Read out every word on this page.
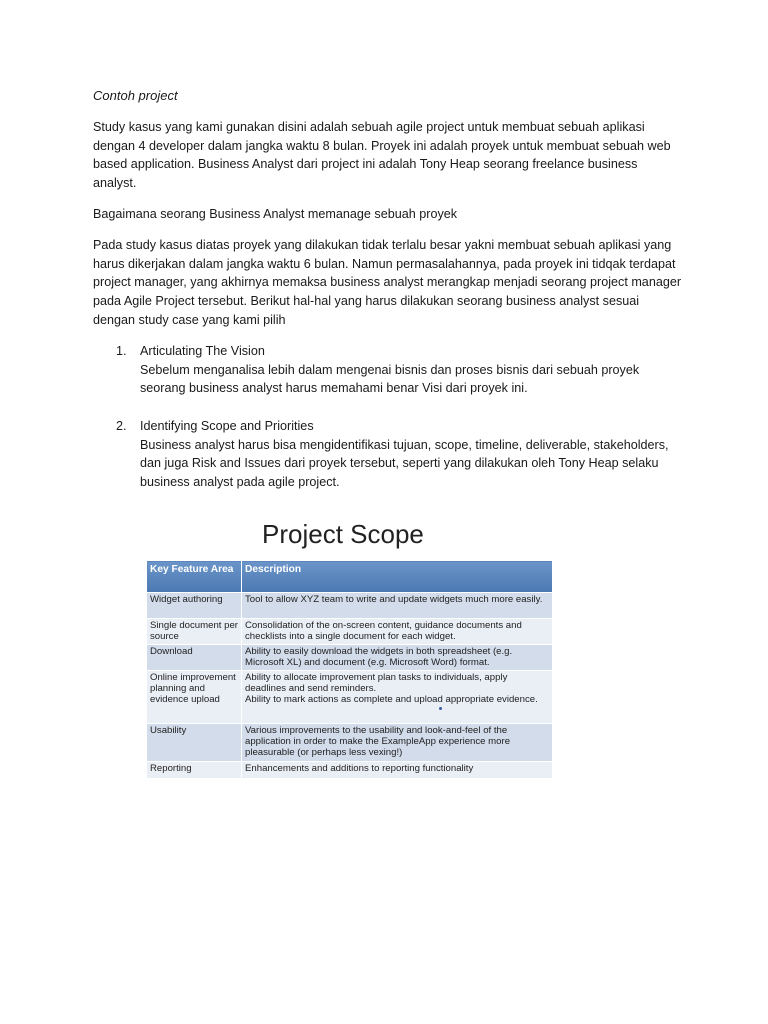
Contoh project
Study kasus yang kami gunakan disini adalah sebuah agile project untuk membuat sebuah aplikasi dengan 4 developer dalam jangka waktu 8 bulan. Proyek ini adalah proyek untuk membuat sebuah web based application. Business Analyst dari project ini adalah Tony Heap seorang freelance business analyst.
Bagaimana seorang Business Analyst memanage sebuah proyek
Pada study kasus diatas proyek yang dilakukan tidak terlalu besar yakni membuat sebuah aplikasi yang harus dikerjakan dalam jangka waktu 6 bulan. Namun permasalahannya, pada proyek ini tidqak terdapat project manager, yang akhirnya memaksa business analyst merangkap menjadi seorang project manager pada Agile Project tersebut. Berikut hal-hal yang harus dilakukan seorang business analyst sesuai dengan study case yang kami pilih
1. Articulating The Vision
Sebelum menganalisa lebih dalam mengenai bisnis dan proses bisnis dari sebuah proyek seorang business analyst harus memahami benar Visi dari proyek ini.
2. Identifying Scope and Priorities
Business analyst harus bisa mengidentifikasi tujuan, scope, timeline, deliverable, stakeholders, dan juga Risk and Issues dari proyek tersebut, seperti yang dilakukan oleh Tony Heap selaku business analyst pada agile project.
Project Scope
Key Feature Area	Description
Widget authoring	Tool to allow XYZ team to write and update widgets much more easily.
Single document per source	Consolidation of the on-screen content, guidance documents and checklists into a single document for each widget.
Download	Ability to easily download the widgets in both spreadsheet (e.g. Microsoft XL) and document (e.g. Microsoft Word) format.
Online improvement planning and evidence upload	Ability to allocate improvement plan tasks to individuals, apply deadlines and send reminders.
Ability to mark actions as complete and upload appropriate evidence.
Usability	Various improvements to the usability and look-and-feel of the application in order to make the ExampleApp experience more pleasurable (or perhaps less vexing!)
Reporting	Enhancements and additions to reporting functionality
